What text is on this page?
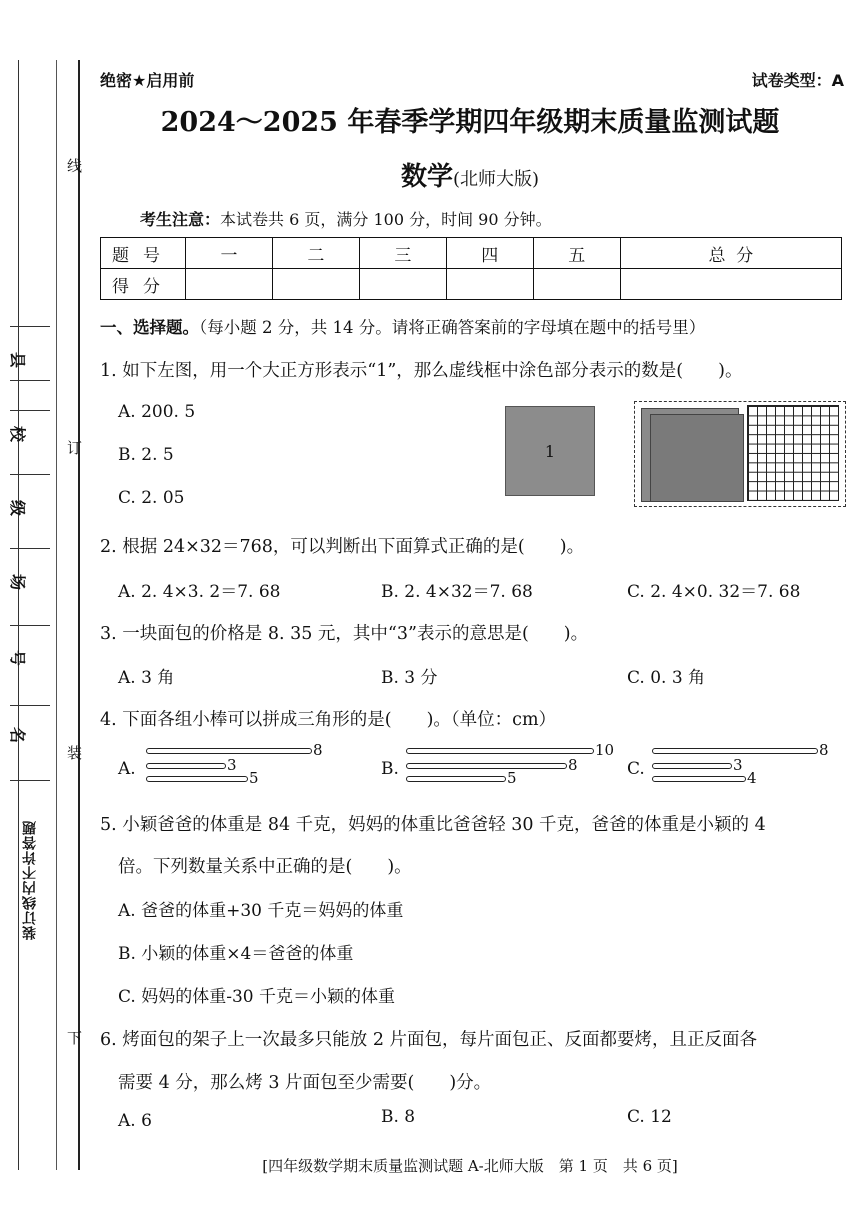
线
订
装
下
县
校
级
场
号
名
装订线内不许答题
绝密★启用前	试卷类型：A
2024～2025 年春季学期四年级期末质量监测试题
数学(北师大版)
考生注意：本试卷共 6 页，满分 100 分，时间 90 分钟。
题号	一	二	三	四	五	总  分
得分						
一、选择题。（每小题 2 分，共 14 分。请将正确答案前的字母填在题中的括号里）
1. 如下左图，用一个大正方形表示“1”，那么虚线框中涂色部分表示的数是(　　)。
A. 200. 5
B. 2. 5
C. 2. 05
1
2. 根据 24×32＝768，可以判断出下面算式正确的是(　　)。
A. 2. 4×3. 2＝7. 68	B. 2. 4×32＝7. 68	C. 2. 4×0. 32＝7. 68
3. 一块面包的价格是 8. 35 元，其中“3”表示的意思是(　　)。
A. 3 角	B. 3 分	C. 0. 3 角
4. 下面各组小棒可以拼成三角形的是(　　)。（单位：cm）
A.	B.	C.
8
3
5
10
8
5
8
3
4
5. 小颖爸爸的体重是 84 千克，妈妈的体重比爸爸轻 30 千克，爸爸的体重是小颖的 4
倍。下列数量关系中正确的是(　　)。
A. 爸爸的体重+30 千克＝妈妈的体重
B. 小颖的体重×4＝爸爸的体重
C. 妈妈的体重-30 千克＝小颖的体重
6. 烤面包的架子上一次最多只能放 2 片面包，每片面包正、反面都要烤，且正反面各
需要 4 分，那么烤 3 片面包至少需要(　　)分。
A. 6	B. 8	C. 12
[四年级数学期末质量监测试题 A-北师大版　第 1 页　共 6 页]
